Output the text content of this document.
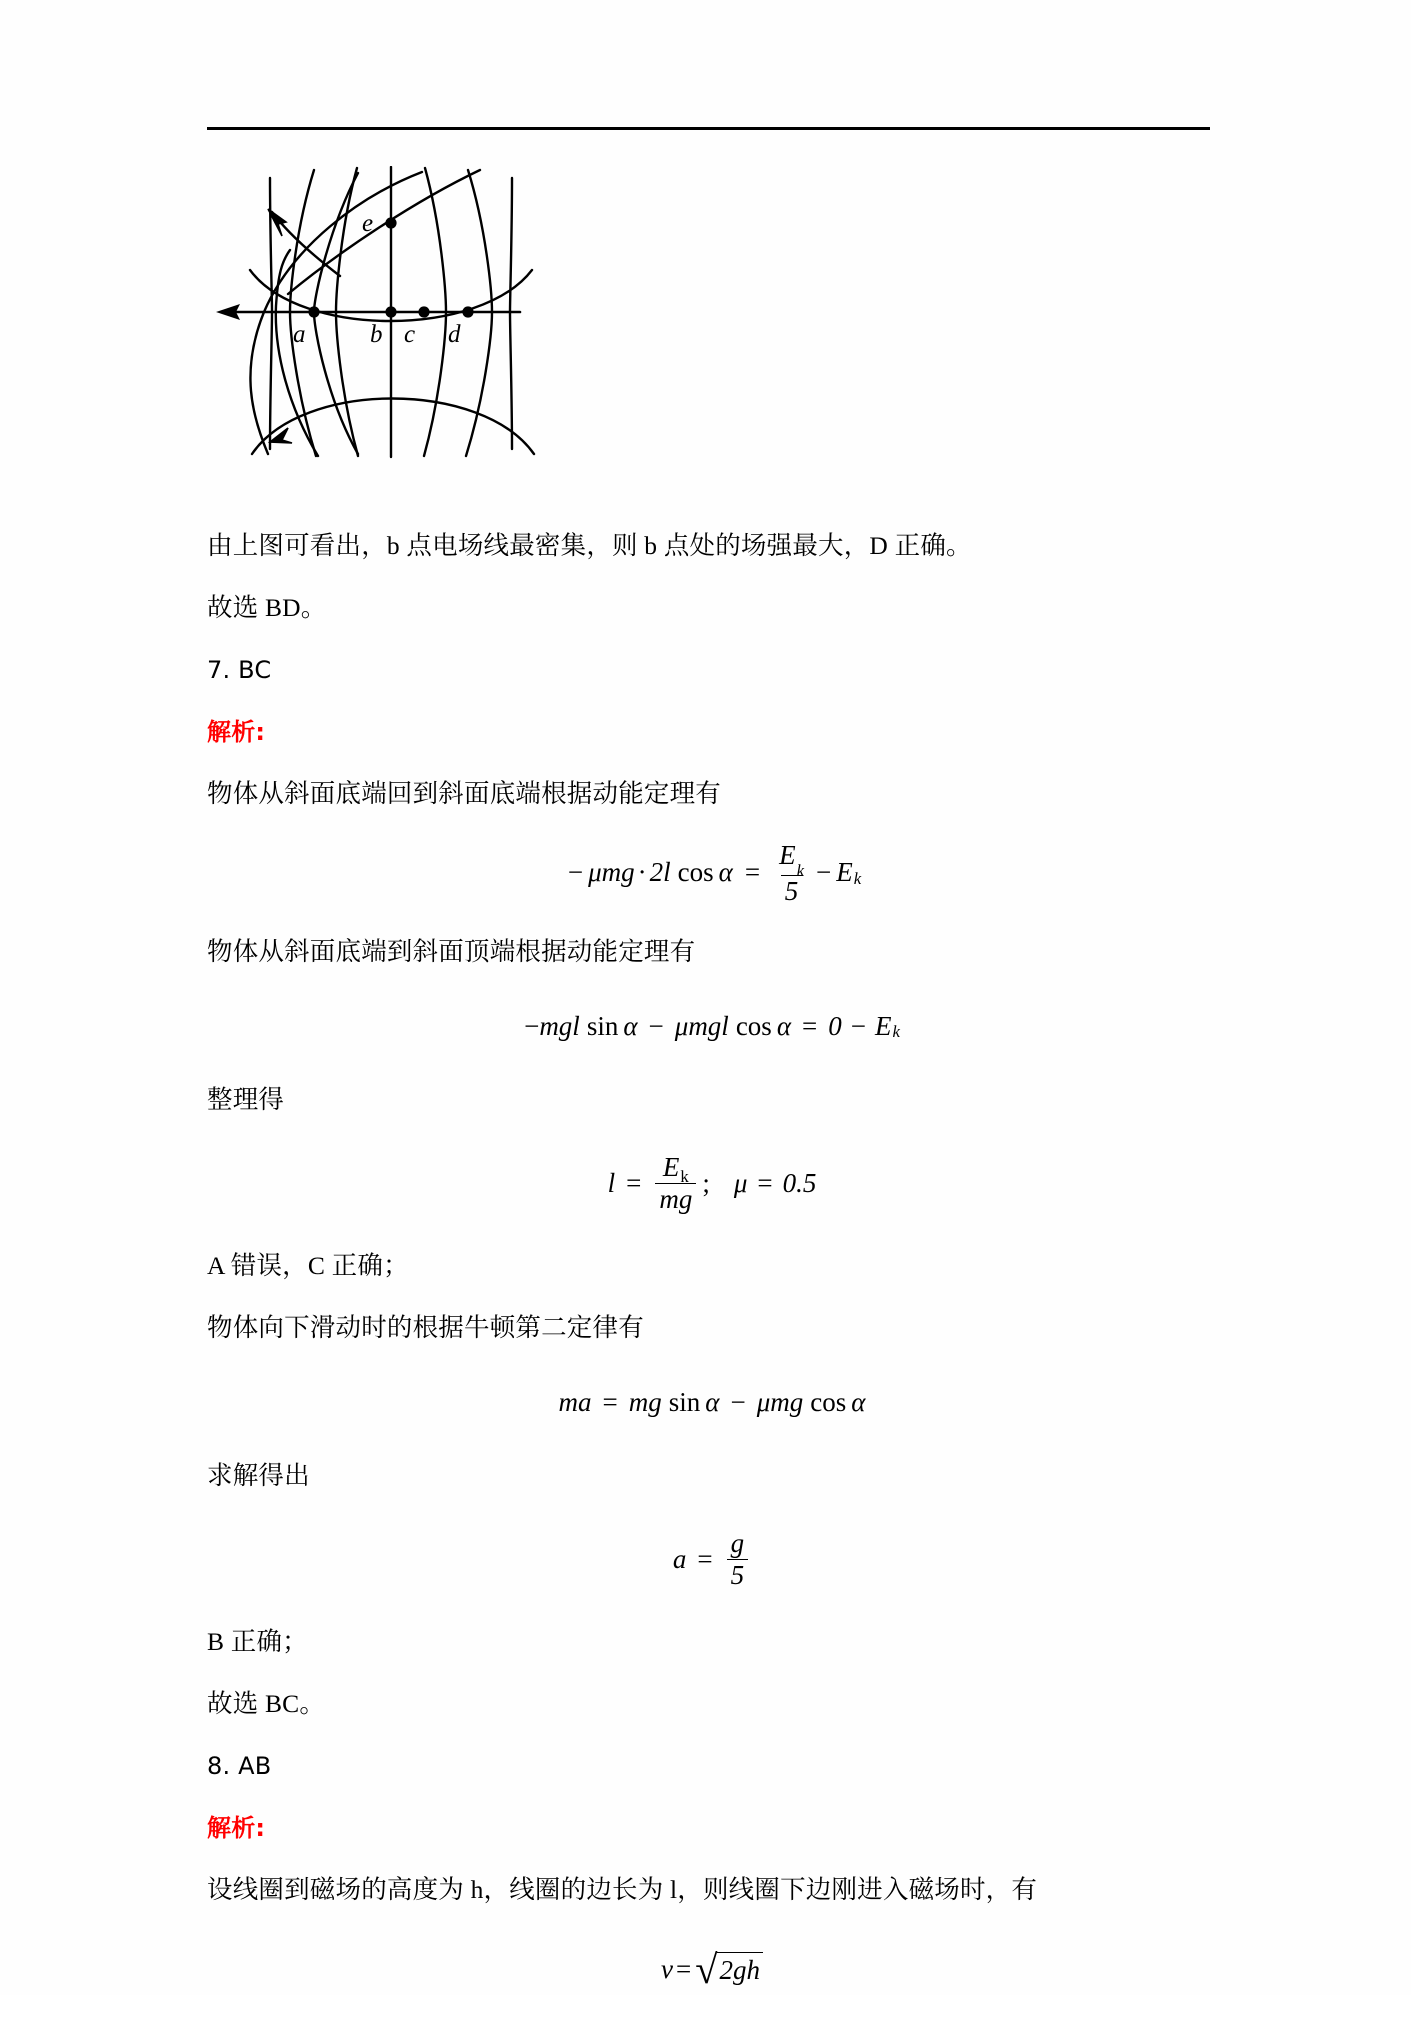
a	b c d
e

由上图可看出，b 点电场线最密集，则 b 点处的场强最大，D 正确。

故选 BD。

7. BC

解析:

物体从斜面底端回到斜面底端根据动能定理有

− μ mg · 2l $\cos \alpha = \frac{E_k}{5} - E$ k

物体从斜面底端到斜面顶端根据动能定理有

− mgl sin α − μ mgl cos α = 0 − E k

整理得

$l = \frac{E_k}{mg}$ ; μ = 0.5

A 错误，C 正确；

物体向下滑动时的根据牛顿第二定律有

ma = mg sin α − μ mg cos α

求解得出

$a = \frac{g}{5}$

B 正确；

故选 BC。

8. AB

解析:

设线圈到磁场的高度为 h，线圈的边长为 l，则线圈下边刚进入磁场时，有

v = √ 2gh
